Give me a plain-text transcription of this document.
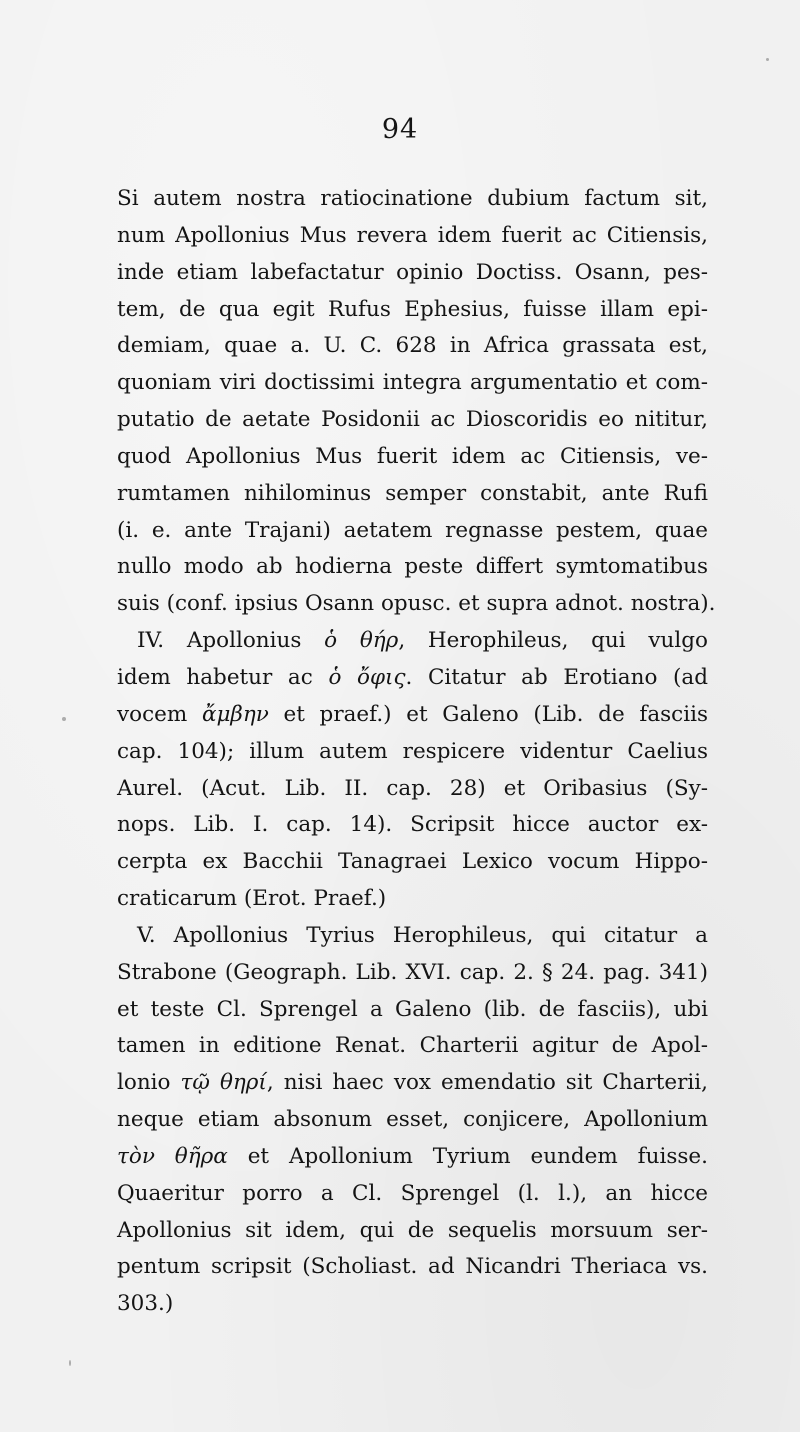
94
Si autem nostra ratiocinatione dubium factum sit,
num Apollonius Mus revera idem fuerit ac Citiensis,
inde etiam labefactatur opinio Doctiss. Osann, pes-
tem, de qua egit Rufus Ephesius, fuisse illam epi-
demiam, quae a. U. C. 628 in Africa grassata est,
quoniam viri doctissimi integra argumentatio et com-
putatio de aetate Posidonii ac Dioscoridis eo nititur,
quod Apollonius Mus fuerit idem ac Citiensis, ve-
rumtamen nihilominus semper constabit, ante Rufi
(i. e. ante Trajani) aetatem regnasse pestem, quae
nullo modo ab hodierna peste differt symtomatibus
suis (conf. ipsius Osann opusc. et supra adnot. nostra).
IV. Apollonius ὁ θήρ, Herophileus, qui vulgo
idem habetur ac ὁ ὄφις. Citatur ab Erotiano (ad
vocem ἄμβην et praef.) et Galeno (Lib. de fasciis
cap. 104); illum autem respicere videntur Caelius
Aurel. (Acut. Lib. II. cap. 28) et Oribasius (Sy-
nops. Lib. I. cap. 14). Scripsit hicce auctor ex-
cerpta ex Bacchii Tanagraei Lexico vocum Hippo-
craticarum (Erot. Praef.)
V. Apollonius Tyrius Herophileus, qui citatur a
Strabone (Geograph. Lib. XVI. cap. 2. § 24. pag. 341)
et teste Cl. Sprengel a Galeno (lib. de fasciis), ubi
tamen in editione Renat. Charterii agitur de Apol-
lonio τῷ θηρί, nisi haec vox emendatio sit Charterii,
neque etiam absonum esset, conjicere, Apollonium
τὸν θῆρα et Apollonium Tyrium eundem fuisse.
Quaeritur porro a Cl. Sprengel (l. l.), an hicce
Apollonius sit idem, qui de sequelis morsuum ser-
pentum scripsit (Scholiast. ad Nicandri Theriaca vs.
303.)
